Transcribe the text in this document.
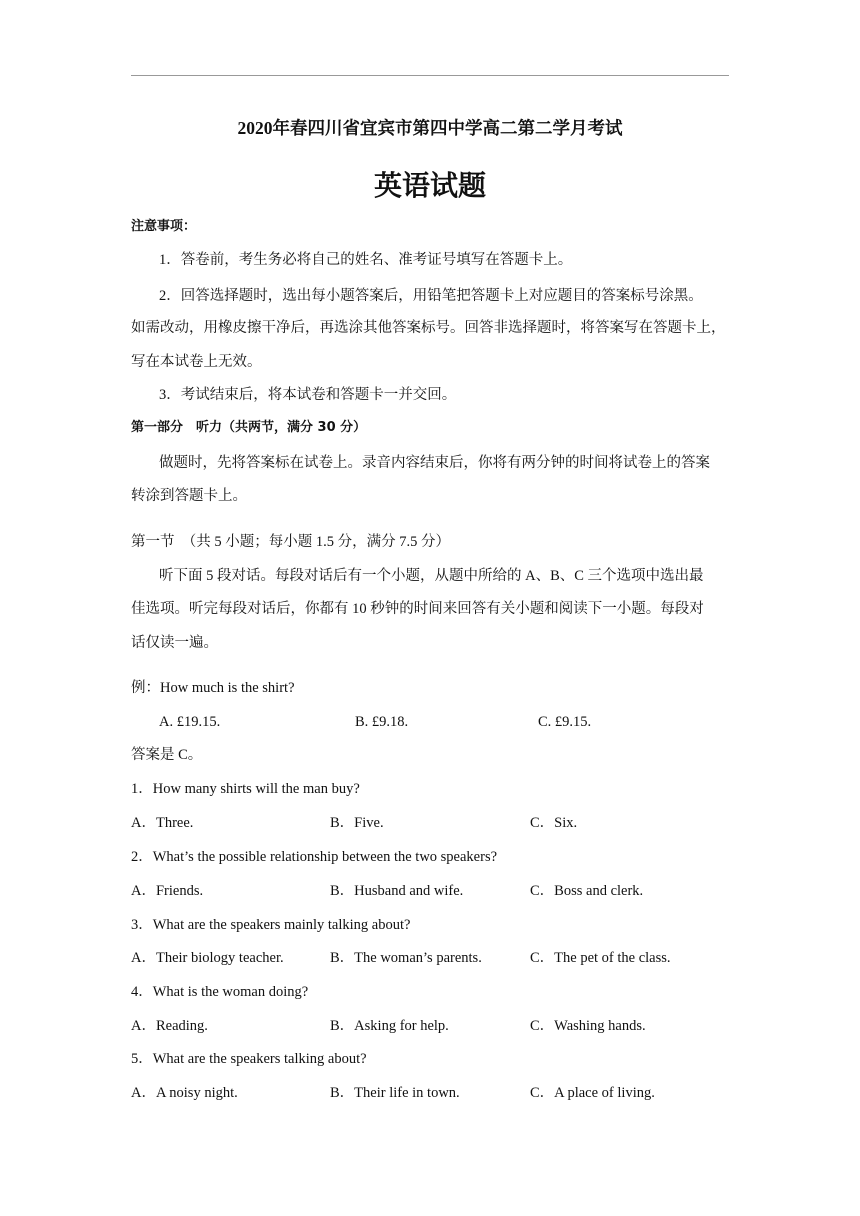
2020年春四川省宜宾市第四中学高二第二学月考试
英语试题
注意事项：
1．答卷前，考生务必将自己的姓名、准考证号填写在答题卡上。
2．回答选择题时，选出每小题答案后，用铅笔把答题卡上对应题目的答案标号涂黑。
如需改动，用橡皮擦干净后，再选涂其他答案标号。回答非选择题时，将答案写在答题卡上，
写在本试卷上无效。
3．考试结束后，将本试卷和答题卡一并交回。
第一部分　听力（共两节，满分 30 分）
做题时，先将答案标在试卷上。录音内容结束后，你将有两分钟的时间将试卷上的答案
转涂到答题卡上。
第一节　（共 5 小题；每小题 1.5 分，满分 7.5 分）
听下面 5 段对话。每段对话后有一个小题，从题中所给的 A、B、C 三个选项中选出最
佳选项。听完每段对话后，你都有 10 秒钟的时间来回答有关小题和阅读下一小题。每段对
话仅读一遍。
例：How much is the shirt?
A. £19.15.	B. £9.18.	C. £9.15.
答案是 C。
1．How many shirts will the man buy?
A．Three.	B．Five.	C．Six.
2．What’s the possible relationship between the two speakers?
A．Friends.	B．Husband and wife.	C．Boss and clerk.
3．What are the speakers mainly talking about?
A．Their biology teacher.	B．The woman’s parents.	C．The pet of the class.
4．What is the woman doing?
A．Reading.	B．Asking for help.	C．Washing hands.
5．What are the speakers talking about?
A．A noisy night.	B．Their life in town.	C．A place of living.
